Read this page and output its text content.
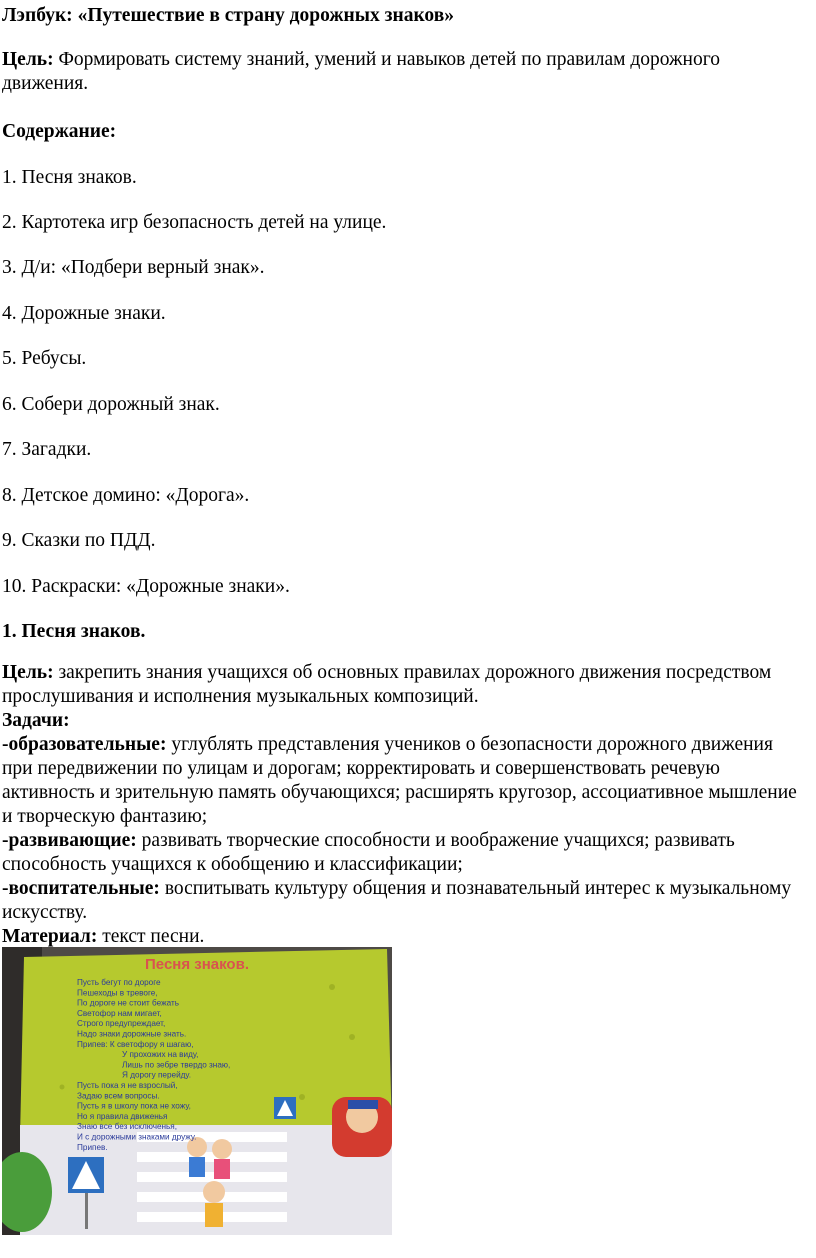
Лэпбук: «Путешествие в страну дорожных знаков»

Цель: Формировать систему знаний, умений и навыков детей по правилам дорожного движения.

Содержание:

1. Песня знаков.

2. Картотека игр безопасность детей на улице.

3. Д/и: «Подбери верный знак».

4. Дорожные знаки.

5. Ребусы.

6. Собери дорожный знак.

7. Загадки.

8. Детское домино: «Дорога».

9. Сказки по ПДД.

10. Раскраски: «Дорожные знаки».

1. Песня знаков.

Цель: закрепить знания учащихся об основных правилах дорожного движения посредством прослушивания и исполнения музыкальных композиций.

Задачи:

-образовательные: углублять представления учеников о безопасности дорожного движения при передвижении по улицам и дорогам; корректировать и совершенствовать речевую активность и зрительную память обучающихся; расширять кругозор, ассоциативное мышление и творческую фантазию;

-развивающие: развивать творческие способности и воображение учащихся; развивать способность учащихся к обобщению и классификации;

-воспитательные: воспитывать культуру общения и познавательный интерес к музыкальному искусству.

Материал: текст песни.

Песня знаков.
Пусть бегут по дороге
Пешеходы в тревоге,
По дороге не стоит бежать
Светофор нам мигает,
Строго предупреждает,
Надо знаки дорожные знать.
Припев: К светофору я шагаю,
У прохожих на виду,
Лишь по зебре твердо знаю,
Я дорогу перейду.
Пусть пока я не взрослый,
Задаю всем вопросы.
Пусть я в школу пока не хожу,
Но я правила движенья
Знаю все без исключенья,
И с дорожными знаками дружу.
Припев.
